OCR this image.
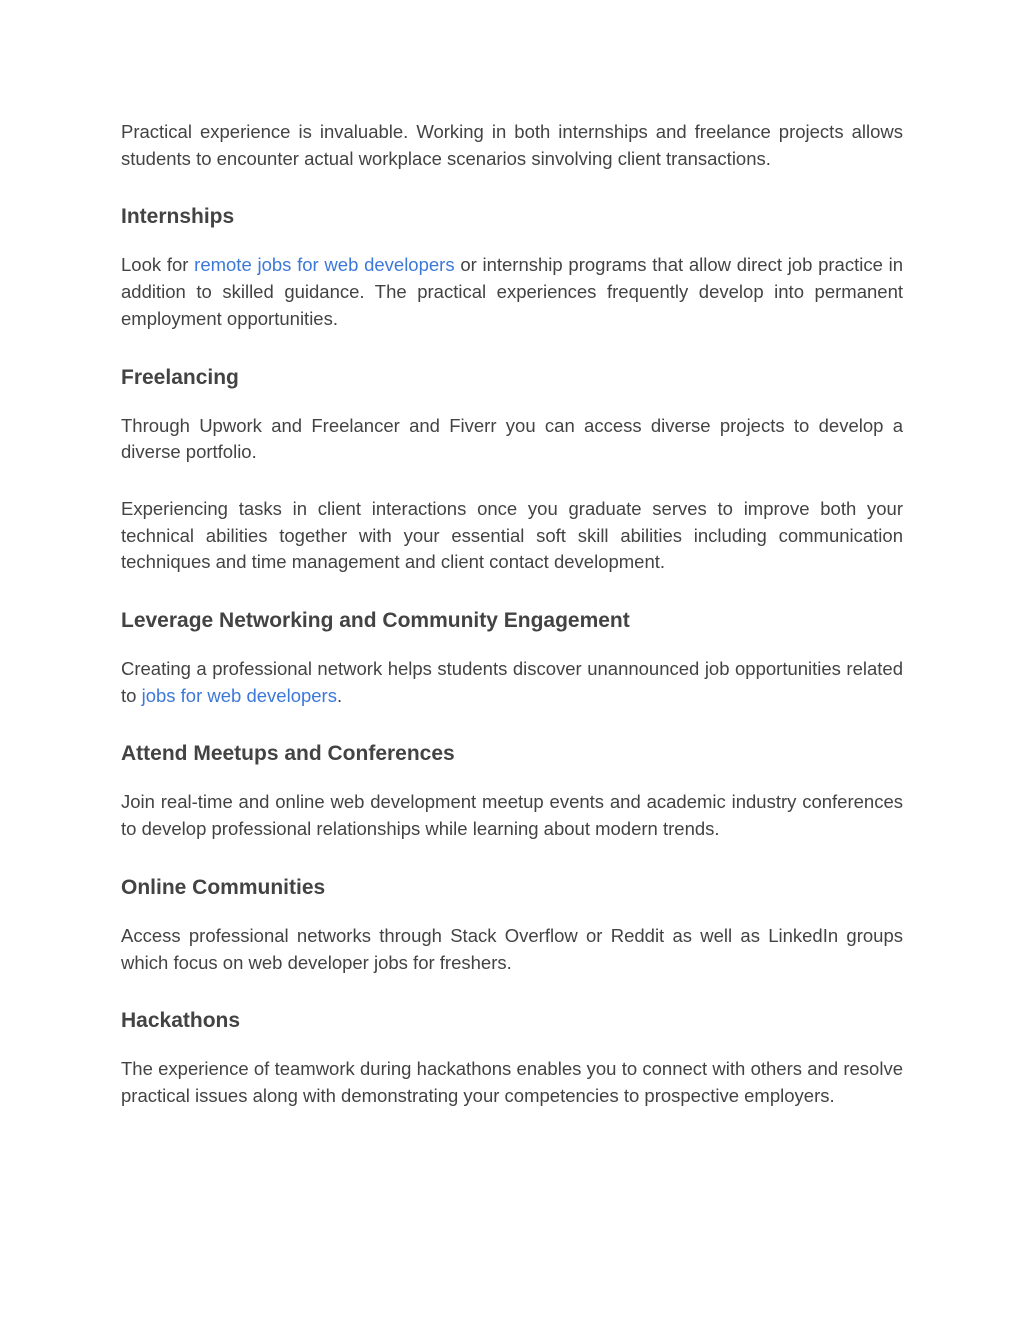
Practical experience is invaluable. Working in both internships and freelance projects allows students to encounter actual workplace scenarios sinvolving client transactions.

Internships

Look for remote jobs for web developers or internship programs that allow direct job practice in addition to skilled guidance. The practical experiences frequently develop into permanent employment opportunities.

Freelancing

Through Upwork and Freelancer and Fiverr you can access diverse projects to develop a diverse portfolio.

Experiencing tasks in client interactions once you graduate serves to improve both your technical abilities together with your essential soft skill abilities including communication techniques and time management and client contact development.

Leverage Networking and Community Engagement

Creating a professional network helps students discover unannounced job opportunities related to jobs for web developers.

Attend Meetups and Conferences

Join real-time and online web development meetup events and academic industry conferences to develop professional relationships while learning about modern trends.

Online Communities

Access professional networks through Stack Overflow or Reddit as well as LinkedIn groups which focus on web developer jobs for freshers.

Hackathons

The experience of teamwork during hackathons enables you to connect with others and resolve practical issues along with demonstrating your competencies to prospective employers.
